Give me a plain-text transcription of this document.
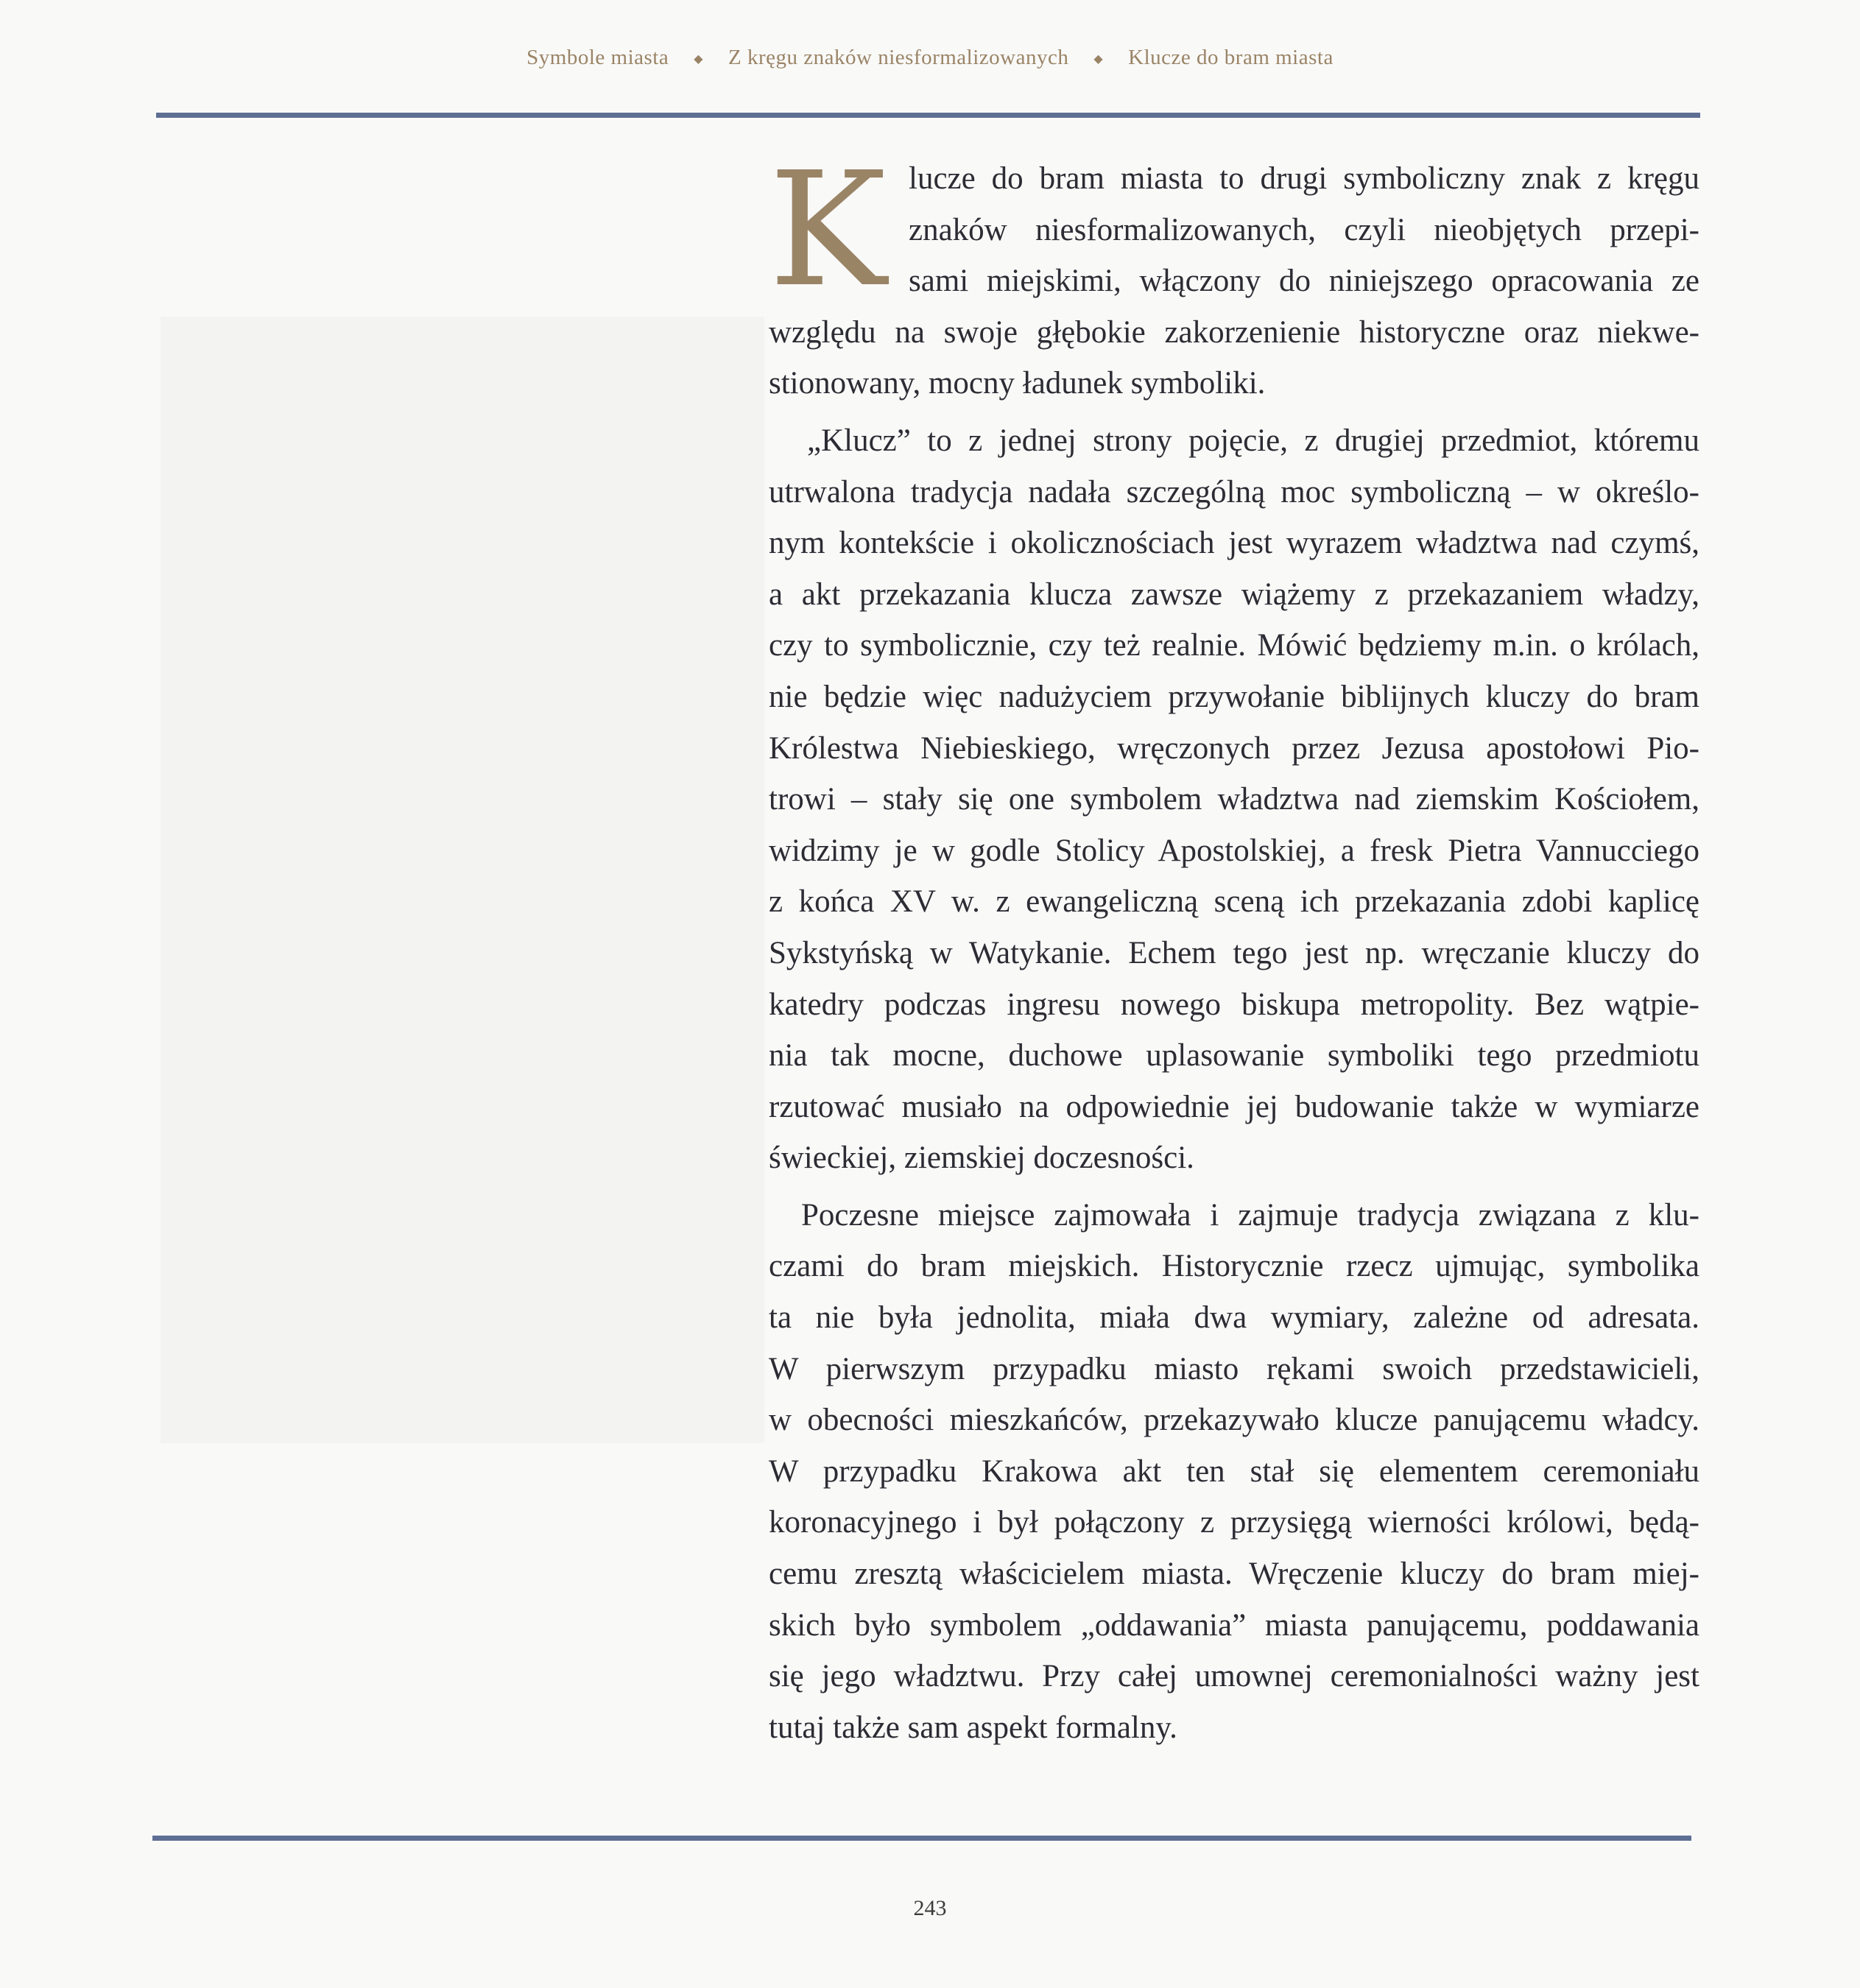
Symbole miasta ◆ Z kręgu znaków niesformalizowanych ◆ Klucze do bram miasta
K lucze do bram miasta to drugi symboliczny znak z kręgu
znaków niesformalizowanych, czyli nieobjętych przepi-
sami miejskimi, włączony do niniejszego opracowania ze
względu na swoje głębokie zakorzenienie historyczne oraz niekwe-
stionowany, mocny ładunek symboliki.
„Klucz” to z jednej strony pojęcie, z drugiej przedmiot, któremu
utrwalona tradycja nadała szczególną moc symboliczną – w określo-
nym kontekście i okolicznościach jest wyrazem władztwa nad czymś,
a akt przekazania klucza zawsze wiążemy z przekazaniem władzy,
czy to symbolicznie, czy też realnie. Mówić będziemy m.in. o królach,
nie będzie więc nadużyciem przywołanie biblijnych kluczy do bram
Królestwa Niebieskiego, wręczonych przez Jezusa apostołowi Pio-
trowi – stały się one symbolem władztwa nad ziemskim Kościołem,
widzimy je w godle Stolicy Apostolskiej, a fresk Pietra Vannucciego
z końca XV w. z ewangeliczną sceną ich przekazania zdobi kaplicę
Sykstyńską w Watykanie. Echem tego jest np. wręczanie kluczy do
katedry podczas ingresu nowego biskupa metropolity. Bez wątpie-
nia tak mocne, duchowe uplasowanie symboliki tego przedmiotu
rzutować musiało na odpowiednie jej budowanie także w wymiarze
świeckiej, ziemskiej doczesności.
Poczesne miejsce zajmowała i zajmuje tradycja związana z klu-
czami do bram miejskich. Historycznie rzecz ujmując, symbolika
ta nie była jednolita, miała dwa wymiary, zależne od adresata.
W pierwszym przypadku miasto rękami swoich przedstawicieli,
w obecności mieszkańców, przekazywało klucze panującemu władcy.
W przypadku Krakowa akt ten stał się elementem ceremoniału
koronacyjnego i był połączony z przysięgą wierności królowi, będą-
cemu zresztą właścicielem miasta. Wręczenie kluczy do bram miej-
skich było symbolem „oddawania” miasta panującemu, poddawania
się jego władztwu. Przy całej umownej ceremonialności ważny jest
tutaj także sam aspekt formalny.
243
